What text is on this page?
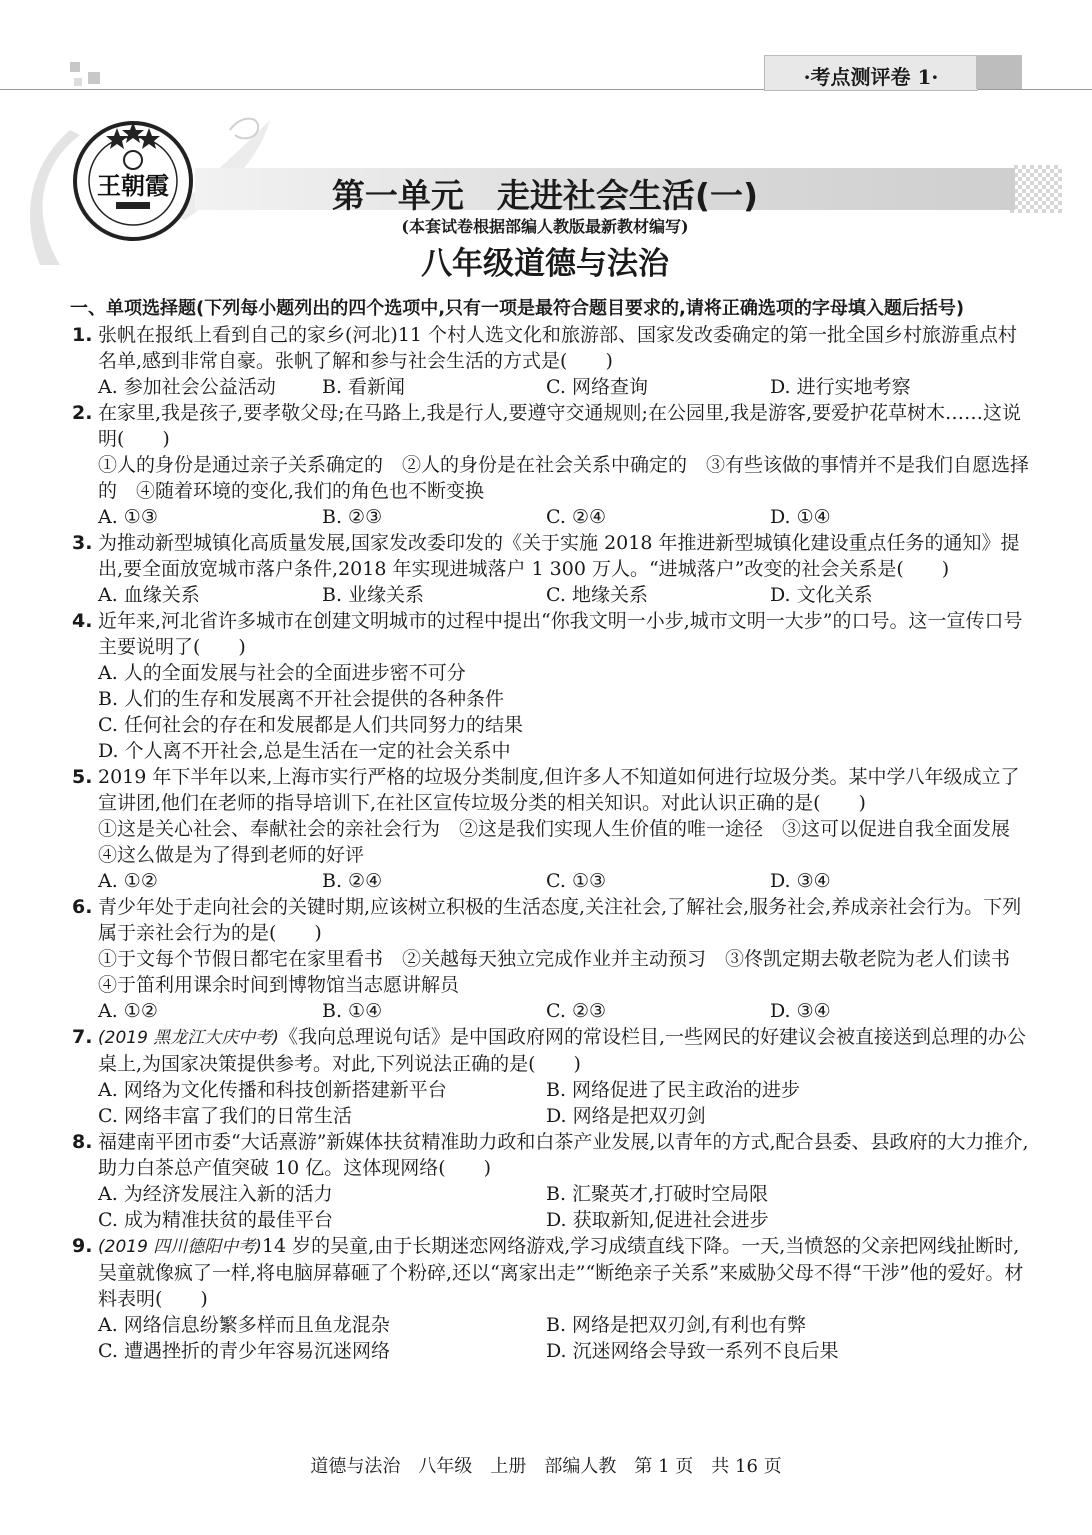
·考点测评卷 1·
王朝霞	第一单元　走进社会生活(一)
(本套试卷根据部编人教版最新教材编写)
八年级道德与法治
一、单项选择题(下列每小题列出的四个选项中,只有一项是最符合题目要求的,请将正确选项的字母填入题后括号)
1. 张帆在报纸上看到自己的家乡(河北)11 个村人选文化和旅游部、国家发改委确定的第一批全国乡村旅游重点村名单,感到非常自豪。张帆了解和参与社会生活的方式是(　　)
A. 参加社会公益活动	B. 看新闻	C. 网络查询	D. 进行实地考察
2. 在家里,我是孩子,要孝敬父母;在马路上,我是行人,要遵守交通规则;在公园里,我是游客,要爱护花草树木……这说明(　　)
①人的身份是通过亲子关系确定的　②人的身份是在社会关系中确定的　③有些该做的事情并不是我们自愿选择的　④随着环境的变化,我们的角色也不断变换
A. ①③	B. ②③	C. ②④	D. ①④
3. 为推动新型城镇化高质量发展,国家发改委印发的《关于实施 2018 年推进新型城镇化建设重点任务的通知》提出,要全面放宽城市落户条件,2018 年实现进城落户 1 300 万人。“进城落户”改变的社会关系是(　　)
A. 血缘关系	B. 业缘关系	C. 地缘关系	D. 文化关系
4. 近年来,河北省许多城市在创建文明城市的过程中提出“你我文明一小步,城市文明一大步”的口号。这一宣传口号主要说明了(　　)
A. 人的全面发展与社会的全面进步密不可分
B. 人们的生存和发展离不开社会提供的各种条件
C. 任何社会的存在和发展都是人们共同努力的结果
D. 个人离不开社会,总是生活在一定的社会关系中
5. 2019 年下半年以来,上海市实行严格的垃圾分类制度,但许多人不知道如何进行垃圾分类。某中学八年级成立了宣讲团,他们在老师的指导培训下,在社区宣传垃圾分类的相关知识。对此认识正确的是(　　)
①这是关心社会、奉献社会的亲社会行为　②这是我们实现人生价值的唯一途径　③这可以促进自我全面发展　④这么做是为了得到老师的好评
A. ①②	B. ②④	C. ①③	D. ③④
6. 青少年处于走向社会的关键时期,应该树立积极的生活态度,关注社会,了解社会,服务社会,养成亲社会行为。下列属于亲社会行为的是(　　)
①于文每个节假日都宅在家里看书　②关越每天独立完成作业并主动预习　③佟凯定期去敬老院为老人们读书　④于笛利用课余时间到博物馆当志愿讲解员
A. ①②	B. ①④	C. ②③	D. ③④
7. (2019 黑龙江大庆中考)《我向总理说句话》是中国政府网的常设栏目,一些网民的好建议会被直接送到总理的办公桌上,为国家决策提供参考。对此,下列说法正确的是(　　)
A. 网络为文化传播和科技创新搭建新平台	B. 网络促进了民主政治的进步
C. 网络丰富了我们的日常生活	D. 网络是把双刃剑
8. 福建南平团市委“大话熹游”新媒体扶贫精准助力政和白茶产业发展,以青年的方式,配合县委、县政府的大力推介,助力白茶总产值突破 10 亿。这体现网络(　　)
A. 为经济发展注入新的活力	B. 汇聚英才,打破时空局限
C. 成为精准扶贫的最佳平台	D. 获取新知,促进社会进步
9. (2019 四川德阳中考)14 岁的吴童,由于长期迷恋网络游戏,学习成绩直线下降。一天,当愤怒的父亲把网线扯断时,吴童就像疯了一样,将电脑屏幕砸了个粉碎,还以“离家出走”“断绝亲子关系”来威胁父母不得“干涉”他的爱好。材料表明(　　)
A. 网络信息纷繁多样而且鱼龙混杂	B. 网络是把双刃剑,有利也有弊
C. 遭遇挫折的青少年容易沉迷网络	D. 沉迷网络会导致一系列不良后果
道德与法治　八年级　上册　部编人教　第 1 页　共 16 页
